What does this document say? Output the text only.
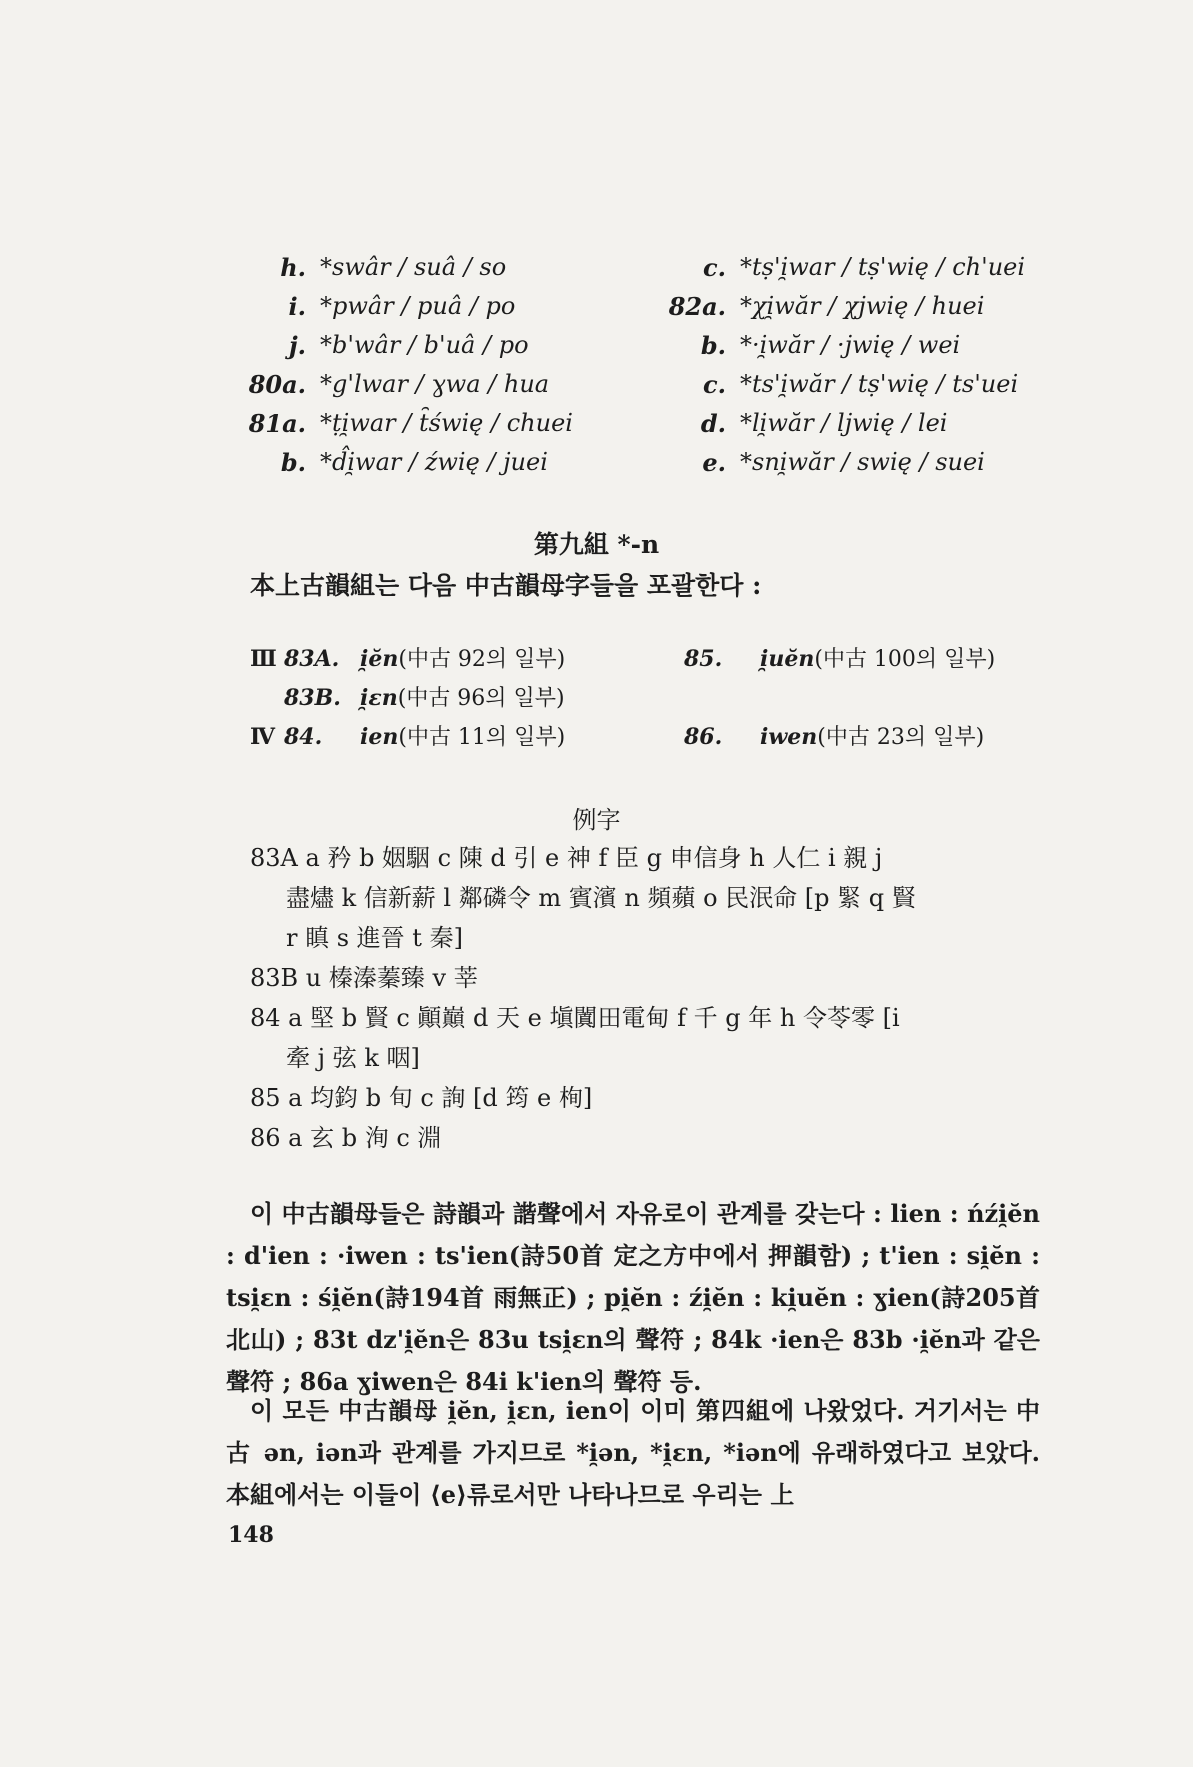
h. *swâr / suâ / so
i. *pwâr / puâ / po
j. *b'wâr / b'uâ / po
80a. *g'lwar / ɣwa / hua
81a. *ṭi̯war / t̑świę / chuei
b. *d̂i̯war / źwię / juei
c. *tṣ'i̯war / tṣ'wię / ch'uei
82a. *χi̯wăr / χjwię / huei
b. *·i̯wăr / ·jwię / wei
c. *ts'i̯wăr / tṣ'wię / ts'uei
d. *li̯wăr / ljwię / lei
e. *sni̯wăr / swię / suei
第九組 *-n
本上古韻組는 다음 中古韻母字들을 포괄한다 :
Ⅲ 83A. i̯ĕn(中古 92의 일부)	85. i̯uĕn(中古 100의 일부)
83B. i̯ɛn(中古 96의 일부)
Ⅳ 84. ien(中古 11의 일부)	86. iwen(中古 23의 일부)
例字
83A a 矜 b 姻駰 c 陳 d 引 e 神 f 臣 g 申信身 h 人仁 i 親 j
盡燼 k 信新薪 l 鄰磷令 m 賓濱 n 頻蘋 o 民泯命 [p 緊 q 賢
r 瞋 s 進晉 t 秦]
83B u 榛溱蓁臻 v 莘
84 a 堅 b 賢 c 顚巔 d 天 e 塡闐田電甸 f 千 g 年 h 令苓零 [i
牽 j 弦 k 咽]
85 a 均鈞 b 旬 c 詢 [d 筠 e 栒]
86 a 玄 b 洵 c 淵
이 中古韻母들은 詩韻과 諧聲에서 자유로이 관계를 갖는다 : lien : ńźi̯ĕn : d'ien : ·iwen : ts'ien(詩50首 定之方中에서 押韻함) ; t'ien : si̯ĕn : tsi̯ɛn : śi̯ĕn(詩194首 雨無正) ; pi̯ĕn : źi̯ĕn : ki̯uĕn : ɣien(詩205首 北山) ; 83t dz'i̯ĕn은 83u tsi̯ɛn의 聲符 ; 84k ·ien은 83b ·i̯ĕn과 같은 聲符 ; 86a ɣiwen은 84i k'ien의 聲符 등.
이 모든 中古韻母 i̯ĕn, i̯ɛn, ien이 이미 第四組에 나왔었다. 거기서는 中古 ən, iən과 관계를 가지므로 *i̯ən, *i̯ɛn, *iən에 유래하였다고 보았다. 本組에서는 이들이 ⟨e⟩류로서만 나타나므로 우리는 上
148
